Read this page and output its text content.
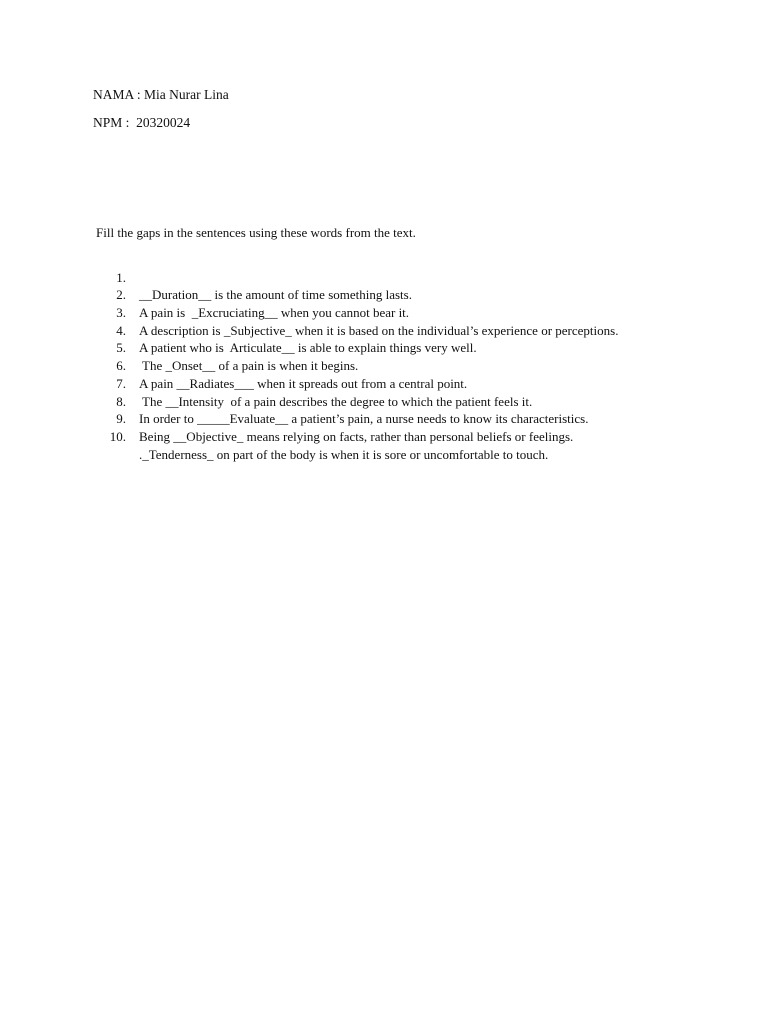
NAMA : Mia Nurar Lina
NPM :  20320024
Fill the gaps in the sentences using these words from the text.

1.

__Duration__ is the amount of time something lasts.

2.

A pain is  _Excruciating__ when you cannot bear it.

3.

A description is _Subjective_ when it is based on the individual’s experience or perceptions.

4.

A patient who is  Articulate__ is able to explain things very well.

5.

The _Onset__ of a pain is when it begins.

6.

A pain __Radiates___ when it spreads out from a central point.

7.

The __Intensity  of a pain describes the degree to which the patient feels it.

8.

In order to _____Evaluate__ a patient’s pain, a nurse needs to know its characteristics.

9.

Being __Objective_ means relying on facts, rather than personal beliefs or feelings.

10.

._Tenderness_ on part of the body is when it is sore or uncomfortable to touch.
